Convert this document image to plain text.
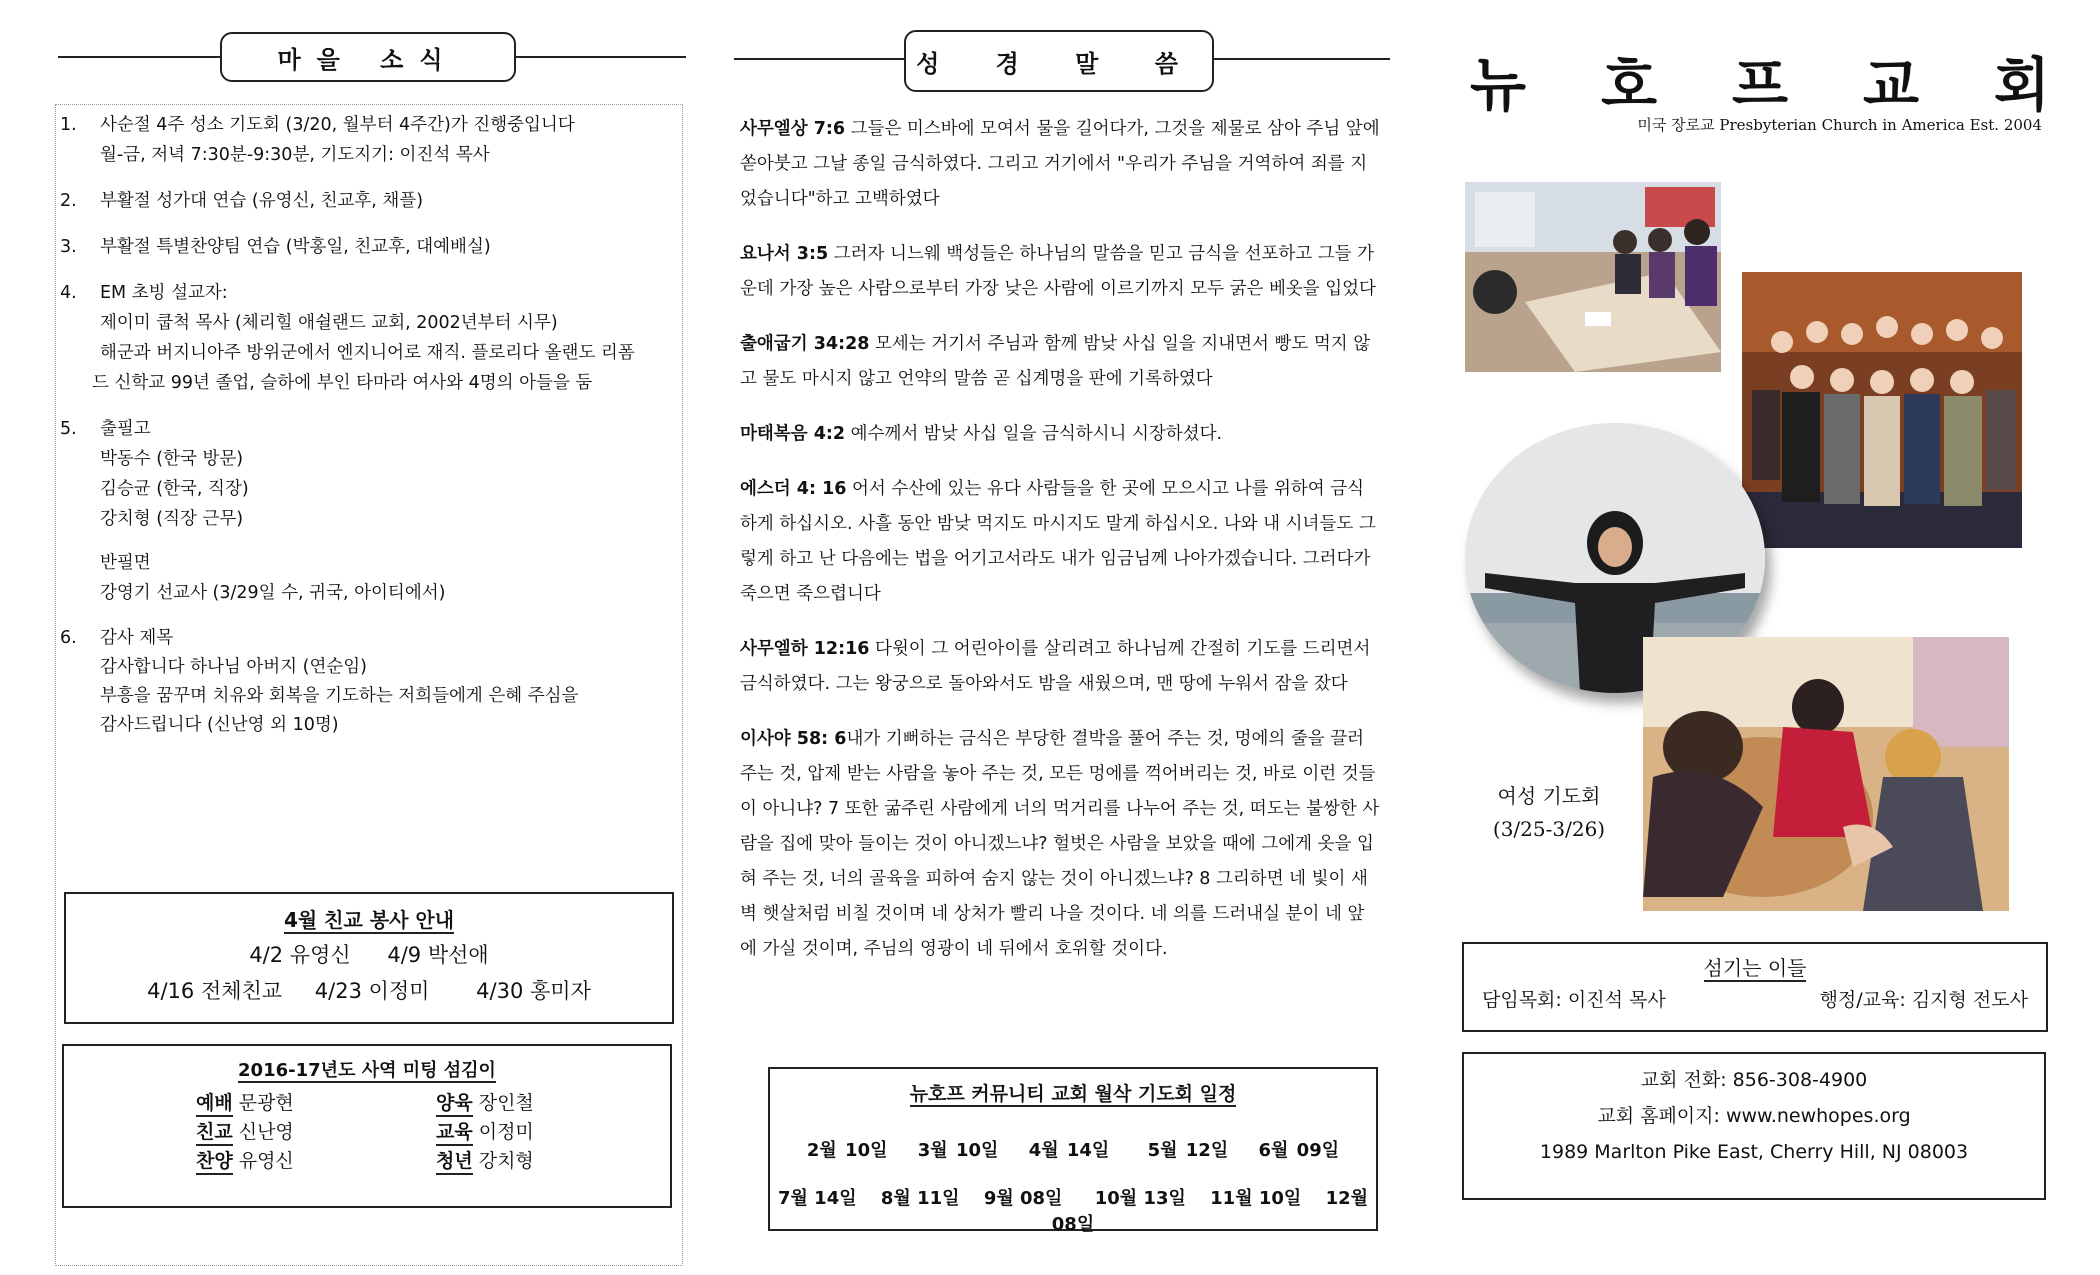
마을 소식
1. 사순절 4주 성소 기도회 (3/20, 월부터 4주간)가 진행중입니다
월-금, 저녁 7:30분-9:30분, 기도지기: 이진석 목사
2. 부활절 성가대 연습 (유영신, 친교후, 채플)
3. 부활절 특별찬양팀 연습 (박홍일, 친교후, 대예배실)
4. EM 초빙 설교자:
제이미 쿱척 목사 (체리힐 애쉴랜드 교회, 2002년부터 시무)
해군과 버지니아주 방위군에서 엔지니어로 재직. 플로리다 올랜도 리폼
드 신학교 99년 졸업, 슬하에 부인 타마라 여사와 4명의 아들을 둠
5. 출필고
박동수 (한국 방문)
김승균 (한국, 직장)
강치형 (직장 근무)
반필면
강영기 선교사 (3/29일 수, 귀국, 아이티에서)
6. 감사 제목
감사합니다 하나님 아버지 (연순임)
부흥을 꿈꾸며 치유와 회복을 기도하는 저희들에게 은혜 주심을
감사드립니다 (신난영 외 10명)
4월 친교 봉사 안내
4/2 유영신 4/9 박선애
4/16 전체친교 4/23 이정미 4/30 홍미자
2016-17년도 사역 미팅 섬김이
예배 문광현	양육 장인철
친교 신난영	교육 이정미
찬양 유영신	청년 강치형
성 경 말 씀

사무엘상 7:6 그들은 미스바에 모여서 물을 길어다가, 그것을 제물로 삼아 주님 앞에 쏟아붓고 그날 종일 금식하였다. 그리고 거기에서 "우리가 주님을 거역하여 죄를 지었습니다"하고 고백하였다

요나서 3:5 그러자 니느웨 백성들은 하나님의 말씀을 믿고 금식을 선포하고 그들 가운데 가장 높은 사람으로부터 가장 낮은 사람에 이르기까지 모두 굵은 베옷을 입었다

출애굽기 34:28 모세는 거기서 주님과 함께 밤낮 사십 일을 지내면서 빵도 먹지 않고 물도 마시지 않고 언약의 말씀 곧 십계명을 판에 기록하였다

마태복음 4:2 예수께서 밤낮 사십 일을 금식하시니 시장하셨다.

에스더 4: 16 어서 수산에 있는 유다 사람들을 한 곳에 모으시고 나를 위하여 금식하게 하십시오. 사흘 동안 밤낮 먹지도 마시지도 말게 하십시오. 나와 내 시녀들도 그렇게 하고 난 다음에는 법을 어기고서라도 내가 임금님께 나아가겠습니다. 그러다가 죽으면 죽으렵니다

사무엘하 12:16 다윗이 그 어린아이를 살리려고 하나님께 간절히 기도를 드리면서 금식하였다. 그는 왕궁으로 돌아와서도 밤을 새웠으며, 맨 땅에 누워서 잠을 잤다

이사야 58: 6내가 기뻐하는 금식은 부당한 결박을 풀어 주는 것, 멍에의 줄을 끌러 주는 것, 압제 받는 사람을 놓아 주는 것, 모든 멍에를 꺽어버리는 것, 바로 이런 것들이 아니냐? 7 또한 굶주린 사람에게 너의 먹거리를 나누어 주는 것, 떠도는 불쌍한 사람을 집에 맞아 들이는 것이 아니겠느냐? 헐벗은 사람을 보았을 때에 그에게 옷을 입혀 주는 것, 너의 골육을 피하여 숨지 않는 것이 아니겠느냐? 8 그리하면 네 빛이 새벽 햇살처럼 비칠 것이며 네 상처가 빨리 나을 것이다. 네 의를 드러내실 분이 네 앞에 가실 것이며, 주님의 영광이 네 뒤에서 호위할 것이다.

뉴호프 커뮤니티 교회 월삭 기도회 일정
2월 10일 3월 10일 4월 14일 5월 12일 6월 09일
7월 14일 8월 11일 9월 08일 10월 13일 11월 10일 12월 08일
뉴 호 프 교 회
미국 장로교 Presbyterian Church in America Est. 2004
여성 기도회
(3/25-3/26)
섬기는 이들
담임목회: 이진석 목사	행정/교육: 김지형 전도사
교회 전화: 856-308-4900
교회 홈페이지: www.newhopes.org
1989 Marlton Pike East, Cherry Hill, NJ 08003
